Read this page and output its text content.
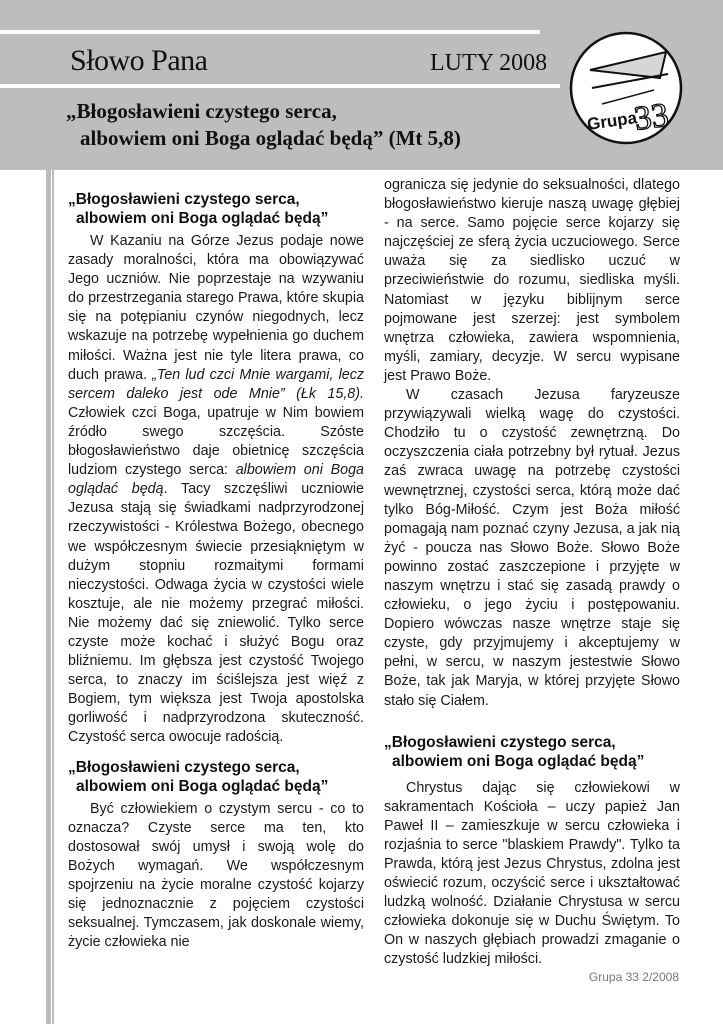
Słowo Pana	LUTY 2008
„Błogosławieni czystego serca,
albowiem oni Boga oglądać będą” (Mt 5,8)
Grupa
33
„Błogosławieni czystego serca,
albowiem oni Boga oglądać będą”

W Kazaniu na Górze Jezus podaje nowe zasady moralności, która ma obowiązywać Jego uczniów. Nie poprzestaje na wzywaniu do przestrzegania starego Prawa, które skupia się na potępianiu czynów niegodnych, lecz wskazuje na potrzebę wypełnienia go duchem miłości. Ważna jest nie tyle litera prawa, co duch prawa. „Ten lud czci Mnie wargami, lecz sercem daleko jest ode Mnie” (Łk 15,8). Człowiek czci Boga, upatruje w Nim bowiem źródło swego szczęścia. Szóste błogosławieństwo daje obietnicę szczęścia ludziom czystego serca: albowiem oni Boga oglądać będą. Tacy szczęśliwi uczniowie Jezusa stają się świadkami nadprzyrodzonej rzeczywistości - Królestwa Bożego, obecnego we współczesnym świecie przesiąkniętym w dużym stopniu rozmaitymi formami nieczystości. Odwaga życia w czystości wiele kosztuje, ale nie możemy przegrać miłości. Nie możemy dać się zniewolić. Tylko serce czyste może kochać i służyć Bogu oraz bliźniemu. Im głębsza jest czystość Twojego serca, to znaczy im ściślejsza jest więź z Bogiem, tym większa jest Twoja apostolska gorliwość i nadprzyrodzona skuteczność. Czystość serca owocuje radością.

„Błogosławieni czystego serca,
albowiem oni Boga oglądać będą”

Być człowiekiem o czystym sercu - co to oznacza? Czyste serce ma ten, kto dostosował swój umysł i swoją wolę do Bożych wymagań. We współczesnym spojrzeniu na życie moralne czystość kojarzy się jednoznacznie z pojęciem czystości seksualnej. Tymczasem, jak doskonale wiemy, życie człowieka nie

ogranicza się jedynie do seksualności, dlatego błogosławieństwo kieruje naszą uwagę głębiej - na serce. Samo pojęcie serce kojarzy się najczęściej ze sferą życia uczuciowego. Serce uważa się za siedlisko uczuć w przeciwieństwie do rozumu, siedliska myśli. Natomiast w języku biblijnym serce pojmowane jest szerzej: jest symbolem wnętrza człowieka, zawiera wspomnienia, myśli, zamiary, decyzje. W sercu wypisane jest Prawo Boże.

W czasach Jezusa faryzeusze przywiązywali wielką wagę do czystości. Chodziło tu o czystość zewnętrzną. Do oczyszczenia ciała potrzebny był rytuał. Jezus zaś zwraca uwagę na potrzebę czystości wewnętrznej, czystości serca, którą może dać tylko Bóg-Miłość. Czym jest Boża miłość pomagają nam poznać czyny Jezusa, a jak nią żyć - poucza nas Słowo Boże. Słowo Boże powinno zostać zaszczepione i przyjęte w naszym wnętrzu i stać się zasadą prawdy o człowieku, o jego życiu i postępowaniu. Dopiero wówczas nasze wnętrze staje się czyste, gdy przyjmujemy i akceptujemy w pełni, w sercu, w naszym jestestwie Słowo Boże, tak jak Maryja, w której przyjęte Słowo stało się Ciałem.

„Błogosławieni czystego serca,
albowiem oni Boga oglądać będą”

Chrystus dając się człowiekowi w sakramentach Kościoła – uczy papież Jan Paweł II – zamieszkuje w sercu człowieka i rozjaśnia to serce "blaskiem Prawdy". Tylko ta Prawda, którą jest Jezus Chrystus, zdolna jest oświecić rozum, oczyścić serce i ukształtować ludzką wolność. Działanie Chrystusa w sercu człowieka dokonuje się w Duchu Świętym. To On w naszych głębiach prowadzi zmaganie o czystość ludzkiej miłości.

Grupa 33 2/2008
